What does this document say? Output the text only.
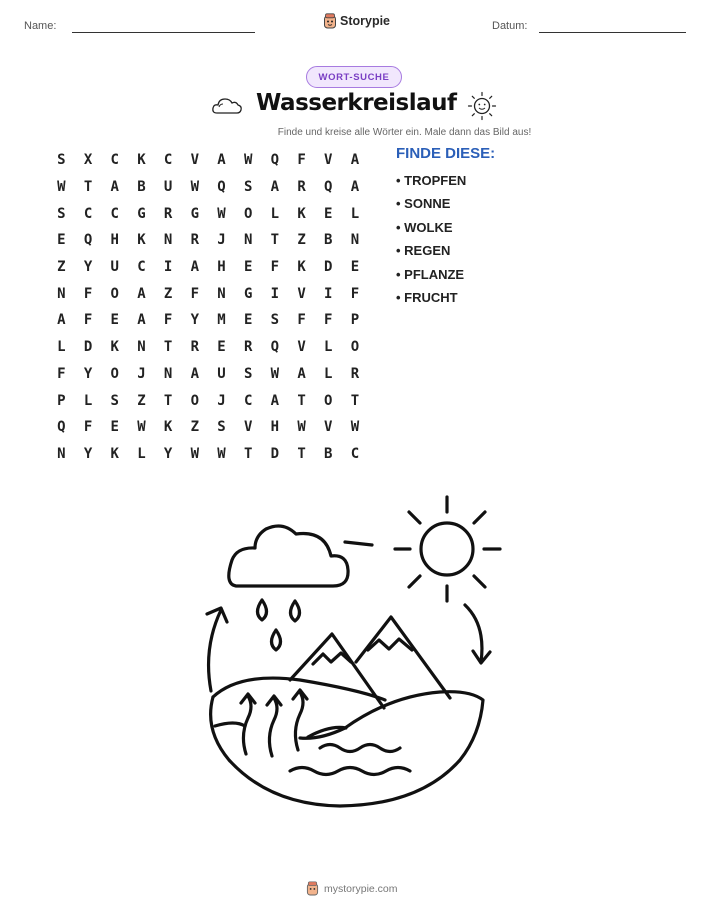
Name:	Storypie	Datum:
WORT-SUCHE
Wasserkreislauf
Finde und kreise alle Wörter ein. Male dann das Bild aus!
S	X	C	K	C	V	A	W	Q	F	V	A
W	T	A	B	U	W	Q	S	A	R	Q	A
S	C	C	G	R	G	W	O	L	K	E	L
E	Q	H	K	N	R	J	N	T	Z	B	N
Z	Y	U	C	I	A	H	E	F	K	D	E
N	F	O	A	Z	F	N	G	I	V	I	F
A	F	E	A	F	Y	M	E	S	F	F	P
L	D	K	N	T	R	E	R	Q	V	L	O
F	Y	O	J	N	A	U	S	W	A	L	R
P	L	S	Z	T	O	J	C	A	T	O	T
Q	F	E	W	K	Z	S	V	H	W	V	W
N	Y	K	L	Y	W	W	T	D	T	B	C
FINDE DIESE:
• TROPFEN
• SONNE
• WOLKE
• REGEN
• PFLANZE
• FRUCHT
mystorypie.com
